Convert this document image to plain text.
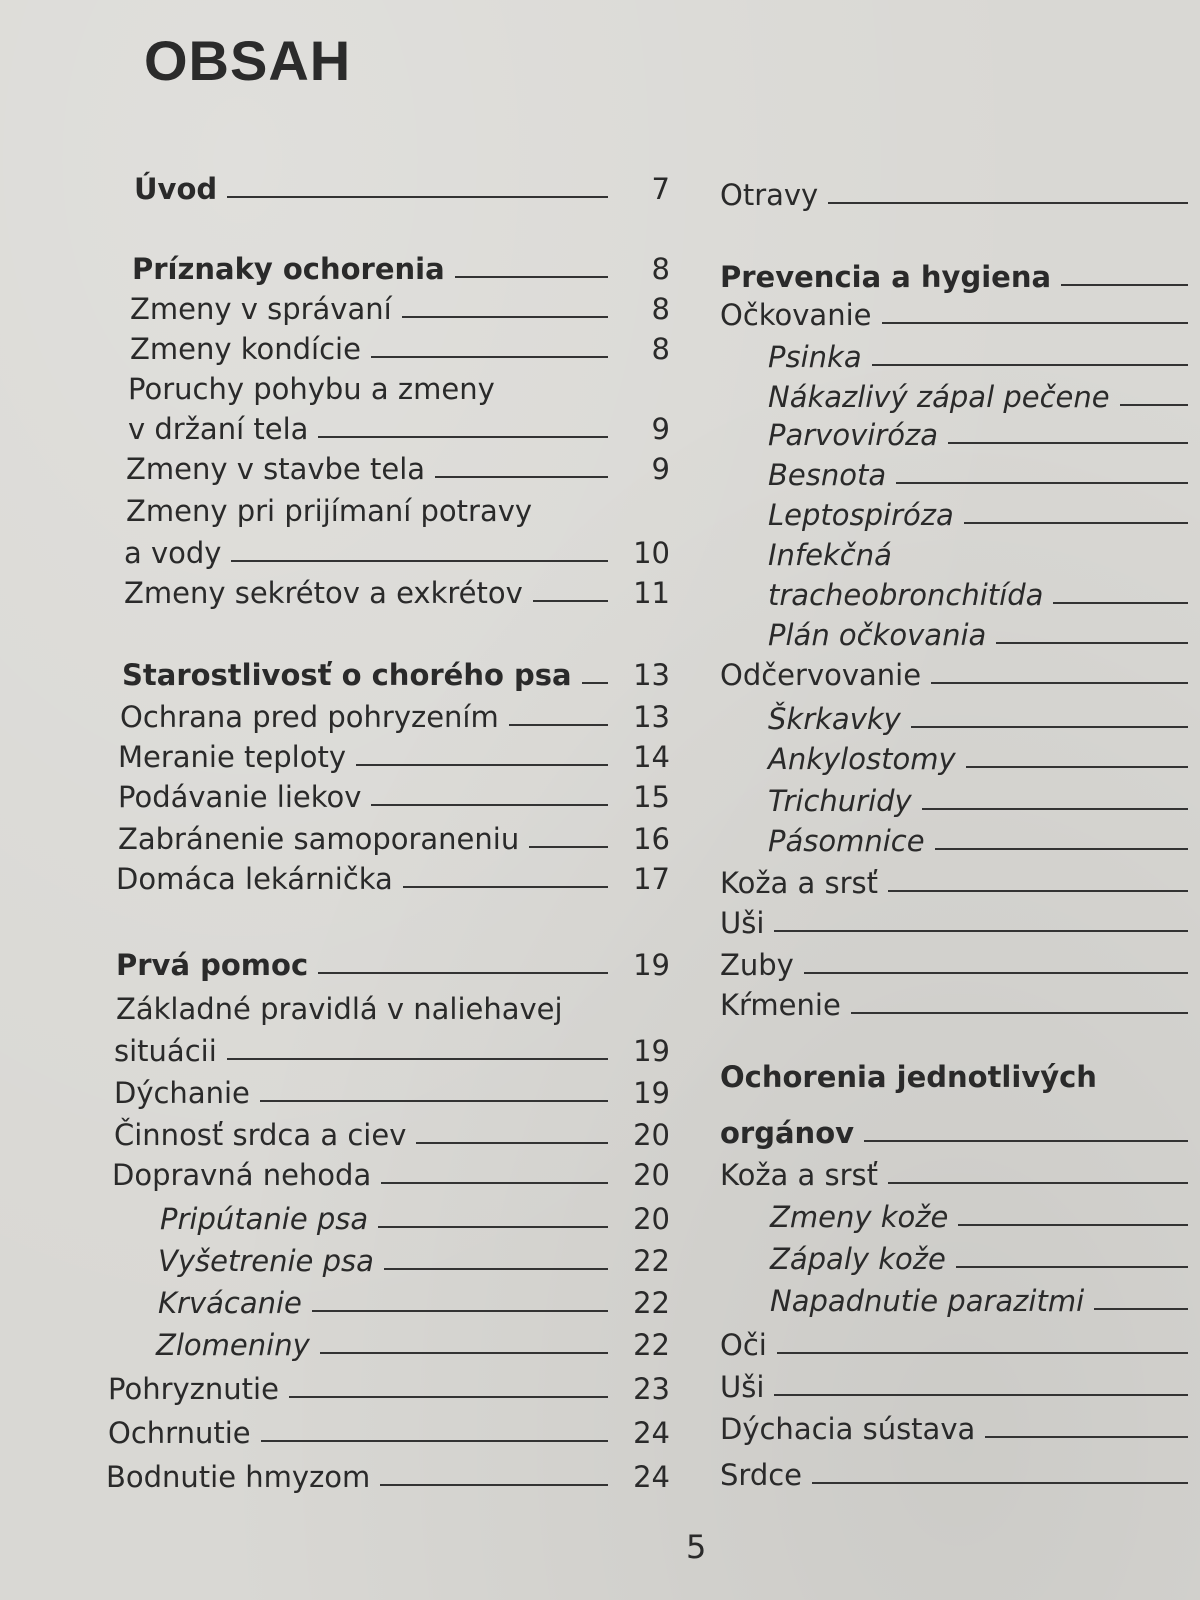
OBSAH
Úvod	7
Príznaky ochorenia	8
Zmeny v správaní	8
Zmeny kondície	8
Poruchy pohybu a zmeny
v držaní tela	9
Zmeny v stavbe tela	9
Zmeny pri prijímaní potravy
a vody	10
Zmeny sekrétov a exkrétov	11
Starostlivosť o chorého psa	13
Ochrana pred pohryzením	13
Meranie teploty	14
Podávanie liekov	15
Zabránenie samoporaneniu	16
Domáca lekárnička	17
Prvá pomoc	19
Základné pravidlá v naliehavej
situácii	19
Dýchanie	19
Činnosť srdca a ciev	20
Dopravná nehoda	20
Pripútanie psa	20
Vyšetrenie psa	22
Krvácanie	22
Zlomeniny	22
Pohryznutie	23
Ochrnutie	24
Bodnutie hmyzom	24
Otravy
Prevencia a hygiena
Očkovanie
Psinka
Nákazlivý zápal pečene
Parvoviróza
Besnota
Leptospiróza
Infekčná
tracheobronchitída
Plán očkovania
Odčervovanie
Škrkavky
Ankylostomy
Trichuridy
Pásomnice
Koža a srsť
Uši
Zuby
Kŕmenie
Ochorenia jednotlivých
orgánov
Koža a srsť
Zmeny kože
Zápaly kože
Napadnutie parazitmi
Oči
Uši
Dýchacia sústava
Srdce
5
